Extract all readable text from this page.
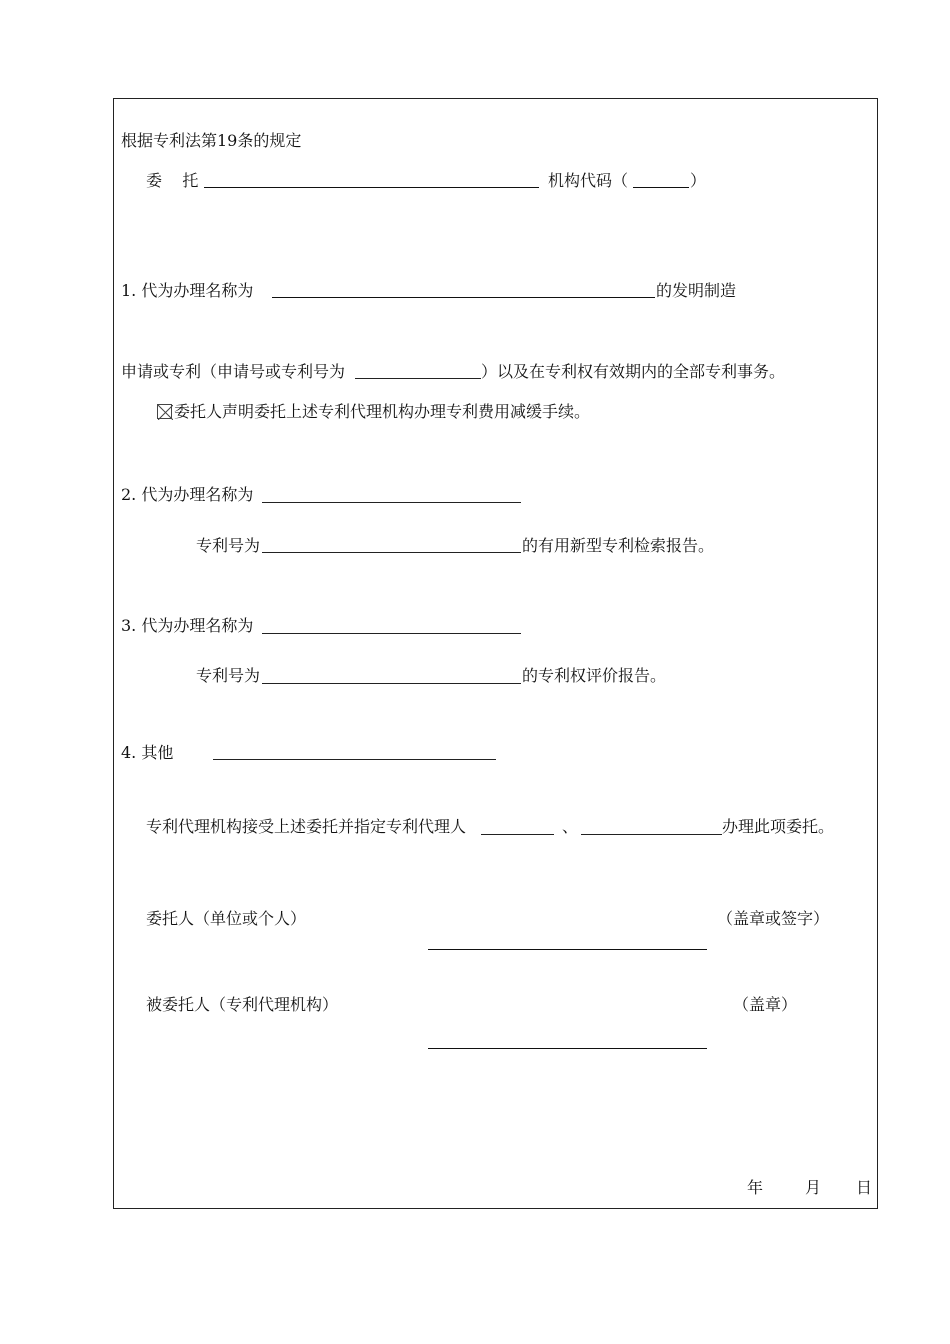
根据专利法第19条的规定
委    托	机构代码（	）
1. 代为办理名称为	的发明制造
申请或专利（申请号或专利号为	）以及在专利权有效期内的全部专利事务。
委托人声明委托上述专利代理机构办理专利费用减缓手续。
2. 代为办理名称为
专利号为	的有用新型专利检索报告。
3. 代为办理名称为
专利号为	的专利权评价报告。
4. 其他
专利代理机构接受上述委托并指定专利代理人	、	办理此项委托。
委托人（单位或个人）	（盖章或签字）
被委托人（专利代理机构）	（盖章）
年	月 日
